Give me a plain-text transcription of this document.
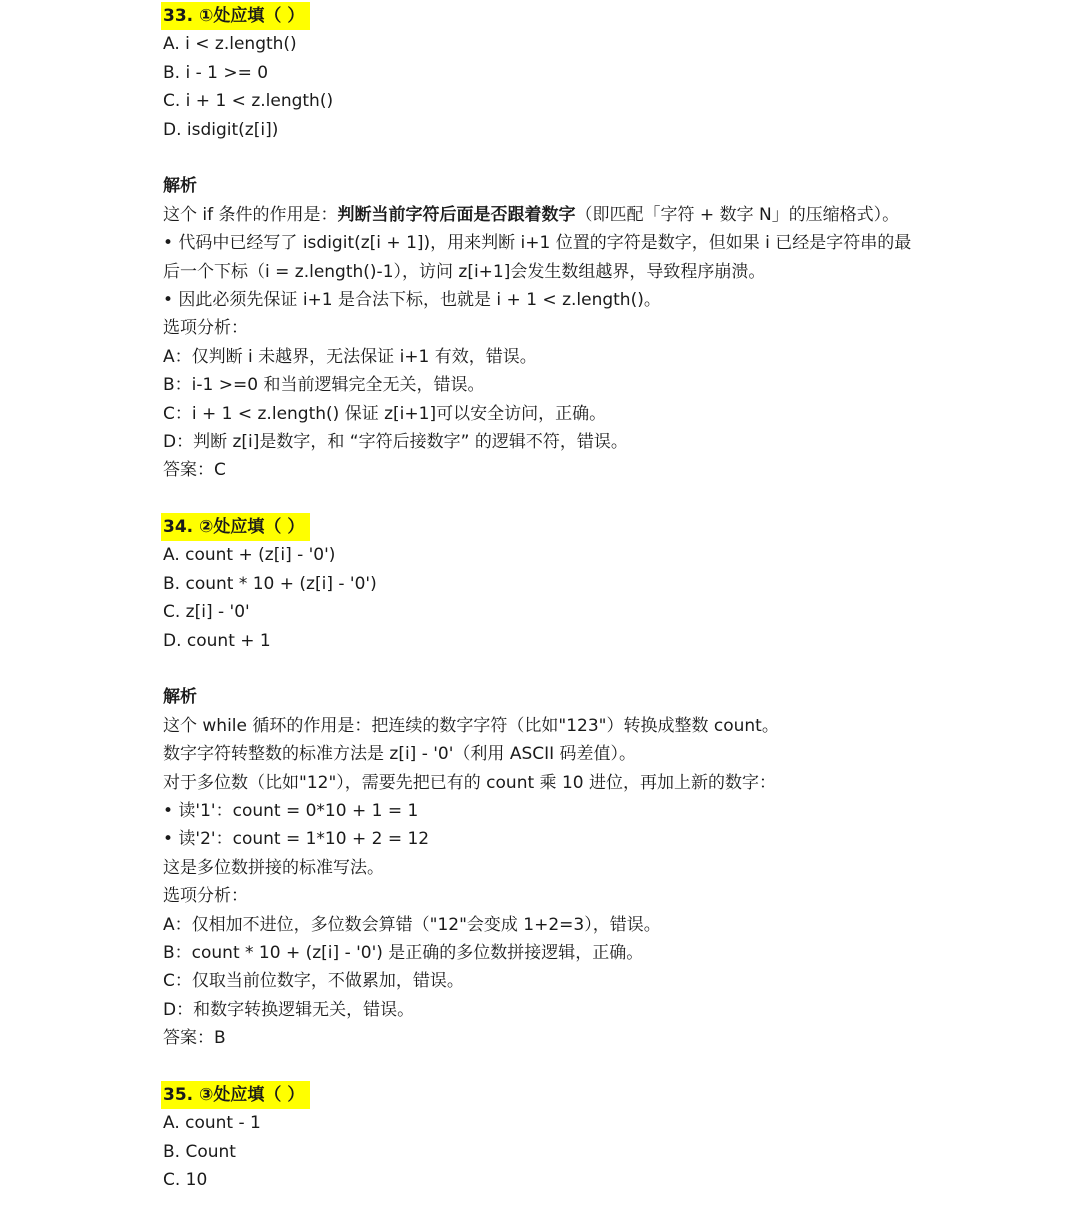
33. ①处应填（ ）
A. i < z.length()
B. i - 1 >= 0
C. i + 1 < z.length()
D. isdigit(z[i])
解析
这个 if 条件的作用是：判断当前字符后面是否跟着数字（即匹配「字符 + 数字 N」的压缩格式）。
• 代码中已经写了 isdigit(z[i + 1])，用来判断 i+1 位置的字符是数字，但如果 i 已经是字符串的最后一个下标（i = z.length()-1），访问 z[i+1]会发生数组越界，导致程序崩溃。
• 因此必须先保证 i+1 是合法下标，也就是 i + 1 < z.length()。
选项分析：
A：仅判断 i 未越界，无法保证 i+1 有效，错误。
B：i-1 >=0 和当前逻辑完全无关，错误。
C：i + 1 < z.length() 保证 z[i+1]可以安全访问，正确。
D：判断 z[i]是数字，和 “字符后接数字” 的逻辑不符，错误。
答案：C
34. ②处应填（ ）
A. count + (z[i] - '0')
B. count * 10 + (z[i] - '0')
C. z[i] - '0'
D. count + 1
解析
这个 while 循环的作用是：把连续的数字字符（比如"123"）转换成整数 count。
数字字符转整数的标准方法是 z[i] - '0'（利用 ASCII 码差值）。
对于多位数（比如"12"），需要先把已有的 count 乘 10 进位，再加上新的数字：
• 读'1'：count = 0*10 + 1 = 1
• 读'2'：count = 1*10 + 2 = 12
这是多位数拼接的标准写法。
选项分析：
A：仅相加不进位，多位数会算错（"12"会变成 1+2=3），错误。
B：count * 10 + (z[i] - '0') 是正确的多位数拼接逻辑，正确。
C：仅取当前位数字，不做累加，错误。
D：和数字转换逻辑无关，错误。
答案：B
35. ③处应填（ ）
A. count - 1
B. Count
C. 10
